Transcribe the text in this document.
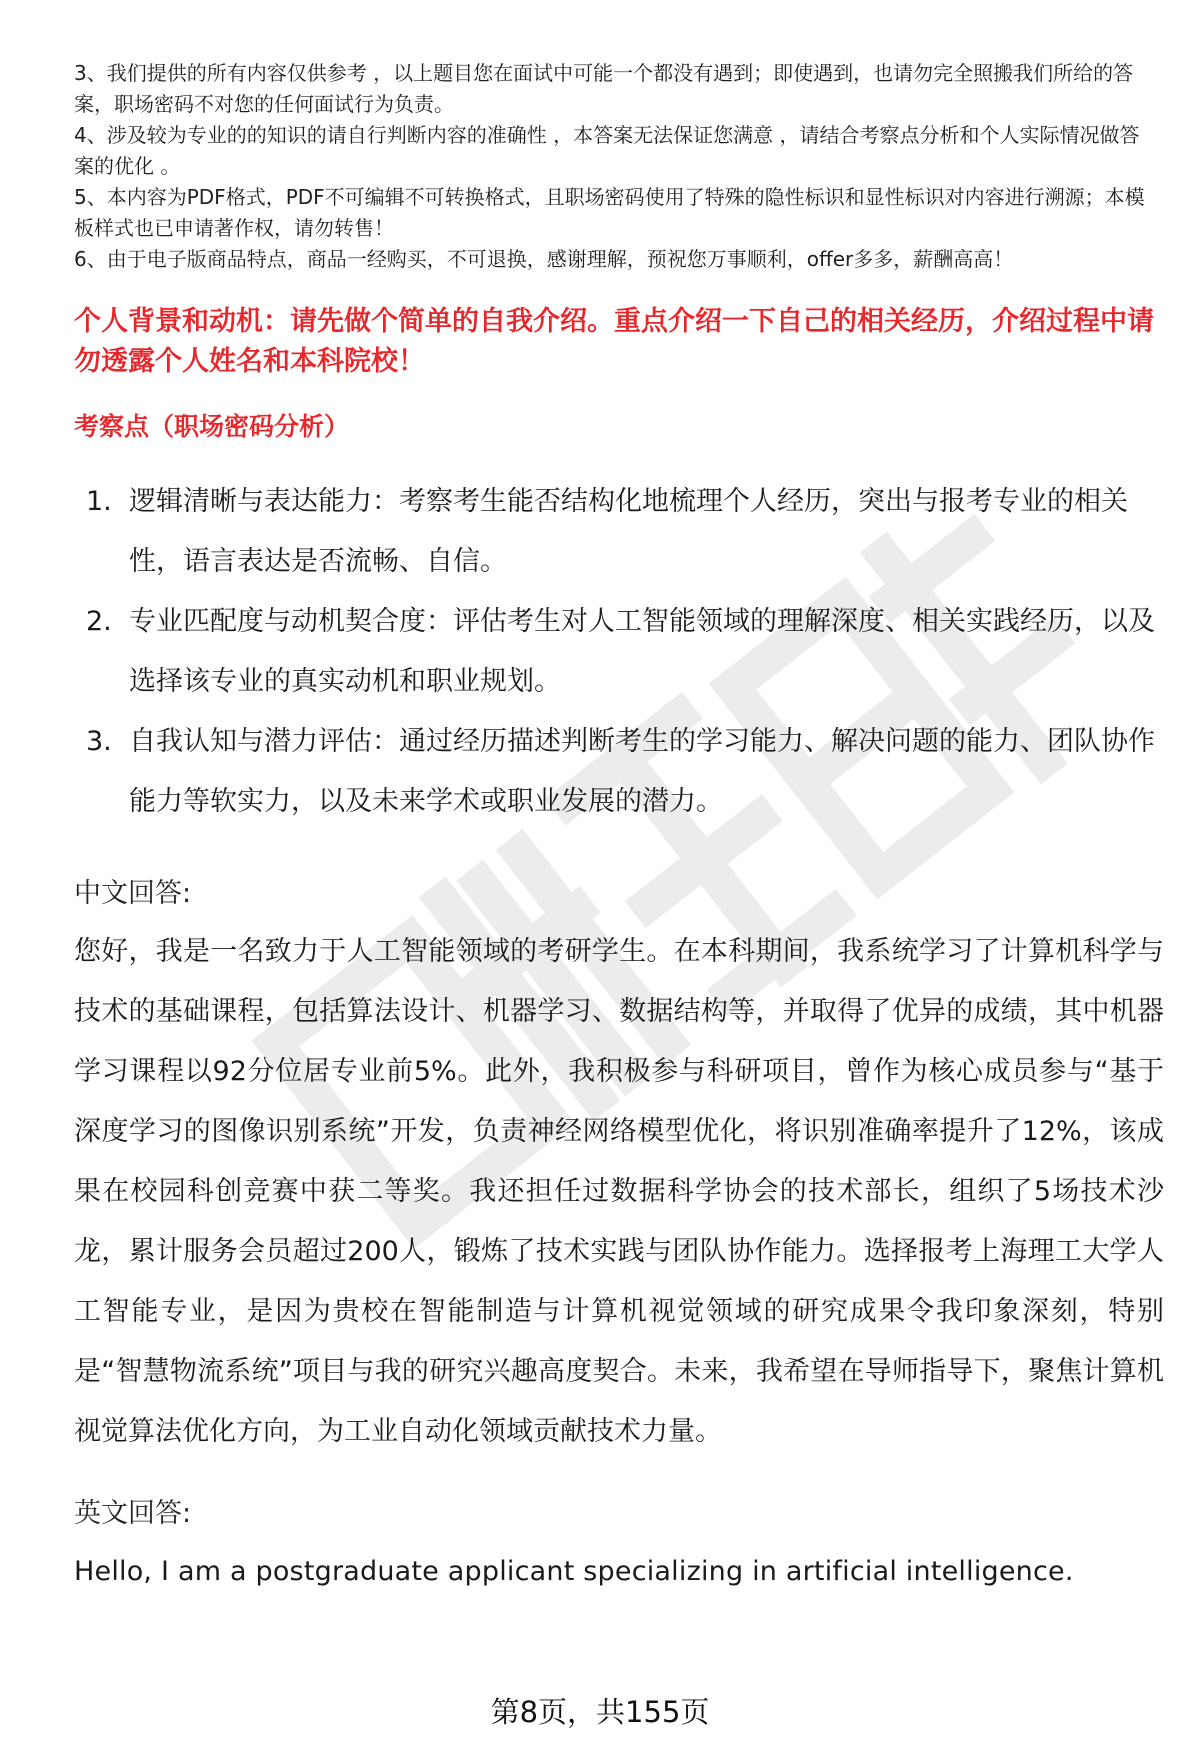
3、我们提供的所有内容仅供参考 ，以上题目您在面试中可能一个都没有遇到；即使遇到，也请勿完全照搬我们所给的答案，职场密码不对您的任何面试行为负责。

4、涉及较为专业的的知识的请自行判断内容的准确性 ，本答案无法保证您满意 ，请结合考察点分析和个人实际情况做答案的优化 。

5、本内容为PDF格式，PDF不可编辑不可转换格式，且职场密码使用了特殊的隐性标识和显性标识对内容进行溯源；本模板样式也已申请著作权，请勿转售！

6、由于电子版商品特点，商品一经购买，不可退换，感谢理解，预祝您万事顺利，offer多多，薪酬高高！

个人背景和动机：请先做个简单的自我介绍。重点介绍一下自己的相关经历，介绍过程中请勿透露个人姓名和本科院校！

考察点（职场密码分析）

1. 逻辑清晰与表达能力：考察考生能否结构化地梳理个人经历，突出与报考专业的相关性，语言表达是否流畅、自信。
2. 专业匹配度与动机契合度：评估考生对人工智能领域的理解深度、相关实践经历，以及选择该专业的真实动机和职业规划。
3. 自我认知与潜力评估：通过经历描述判断考生的学习能力、解决问题的能力、团队协作能力等软实力，以及未来学术或职业发展的潜力。

中文回答:

您好，我是一名致力于人工智能领域的考研学生。在本科期间，我系统学习了计算机科学与技术的基础课程，包括算法设计、机器学习、数据结构等，并取得了优异的成绩，其中机器学习课程以92分位居专业前5%。此外，我积极参与科研项目，曾作为核心成员参与“基于深度学习的图像识别系统”开发，负责神经网络模型优化，将识别准确率提升了12%，该成果在校园科创竞赛中获二等奖。我还担任过数据科学协会的技术部长，组织了5场技术沙龙，累计服务会员超过200人，锻炼了技术实践与团队协作能力。选择报考上海理工大学人工智能专业，是因为贵校在智能制造与计算机视觉领域的研究成果令我印象深刻，特别是“智慧物流系统”项目与我的研究兴趣高度契合。未来，我希望在导师指导下，聚焦计算机视觉算法优化方向，为工业自动化领域贡献技术力量。

英文回答:

Hello, I am a postgraduate applicant specializing in artificial intelligence.

第8页，共155页
